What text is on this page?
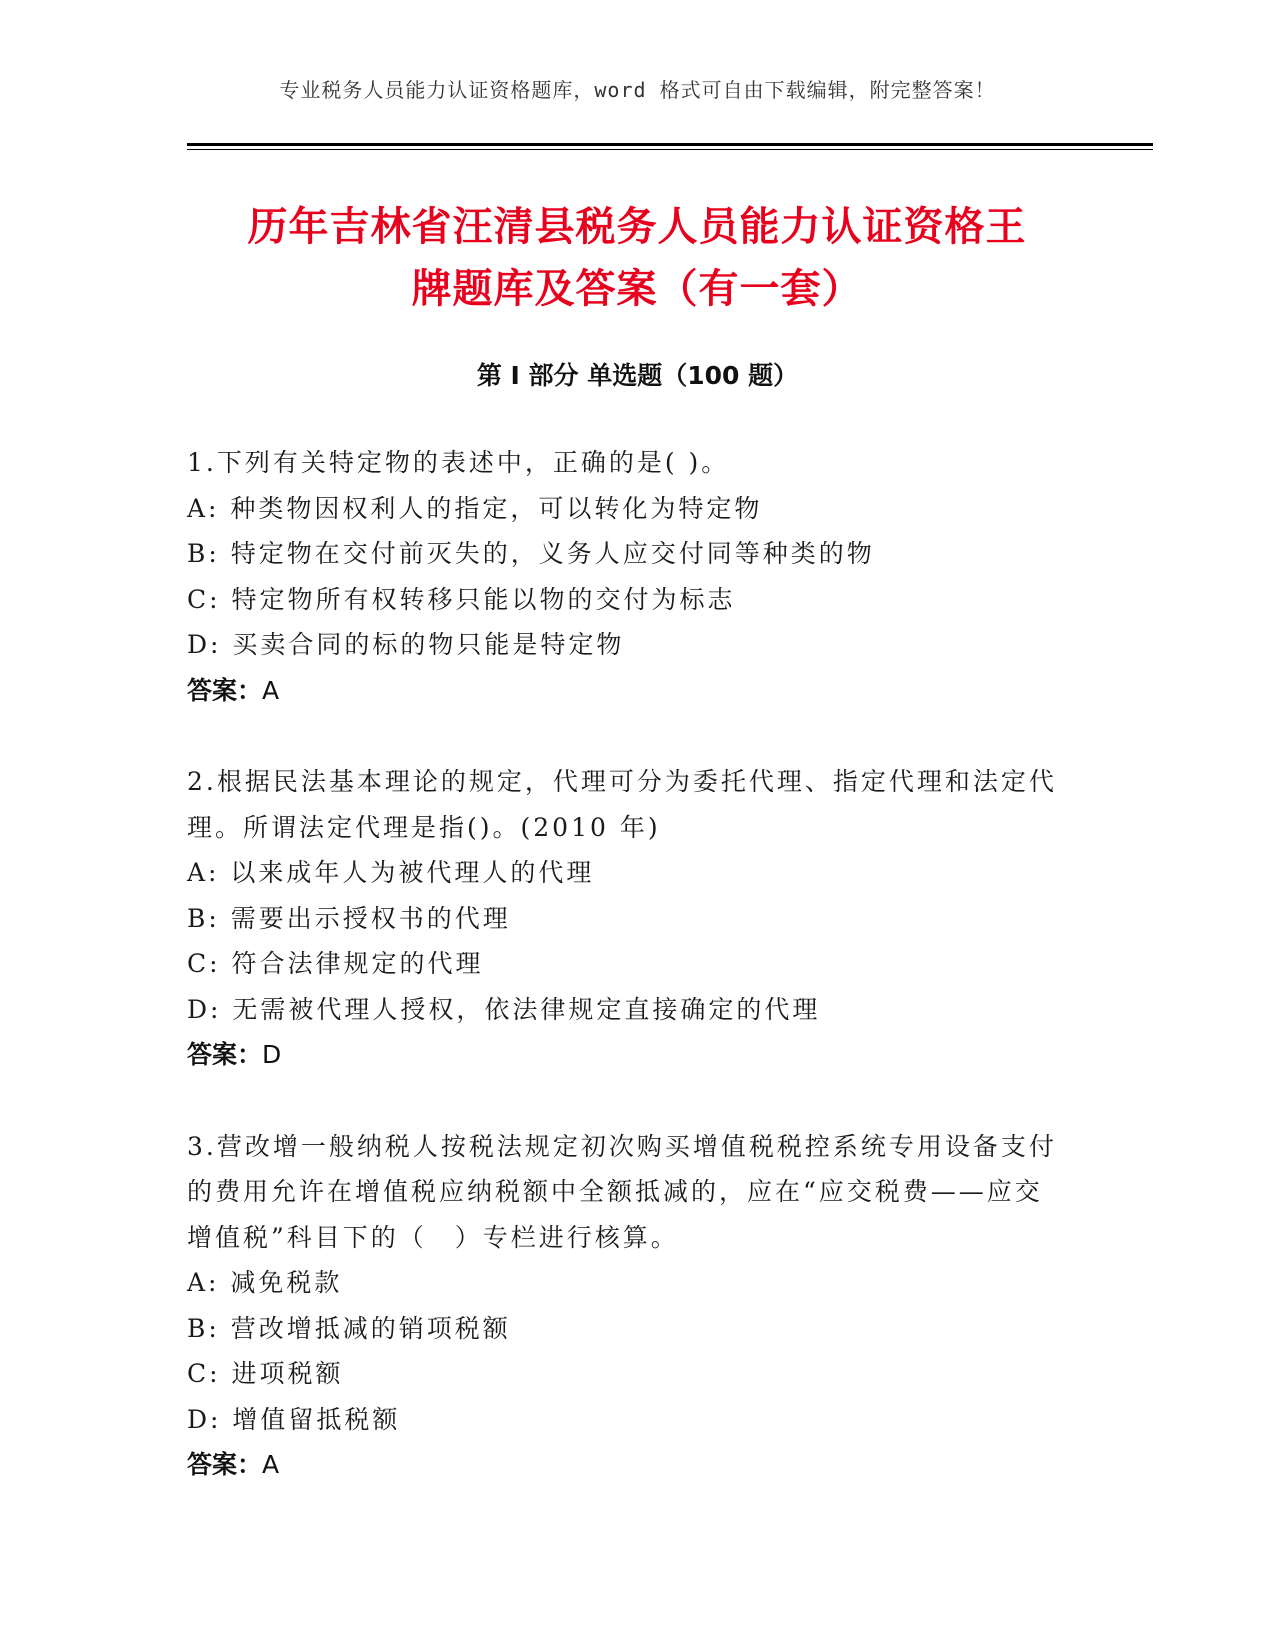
专业税务人员能力认证资格题库，word 格式可自由下载编辑，附完整答案！
历年吉林省汪清县税务人员能力认证资格王
牌题库及答案（有一套）
第 I 部分 单选题（100 题）
1.下列有关特定物的表述中，正确的是( )。
A: 种类物因权利人的指定，可以转化为特定物
B: 特定物在交付前灭失的，义务人应交付同等种类的物
C: 特定物所有权转移只能以物的交付为标志
D: 买卖合同的标的物只能是特定物
答案：A
2.根据民法基本理论的规定，代理可分为委托代理、指定代理和法定代理。所谓法定代理是指()。(2010 年)
A: 以来成年人为被代理人的代理
B: 需要出示授权书的代理
C: 符合法律规定的代理
D: 无需被代理人授权，依法律规定直接确定的代理
答案：D
3.营改增一般纳税人按税法规定初次购买增值税税控系统专用设备支付的费用允许在增值税应纳税额中全额抵减的，应在“应交税费——应交增值税”科目下的（　）专栏进行核算。
A: 减免税款
B: 营改增抵减的销项税额
C: 进项税额
D: 增值留抵税额
答案：A
